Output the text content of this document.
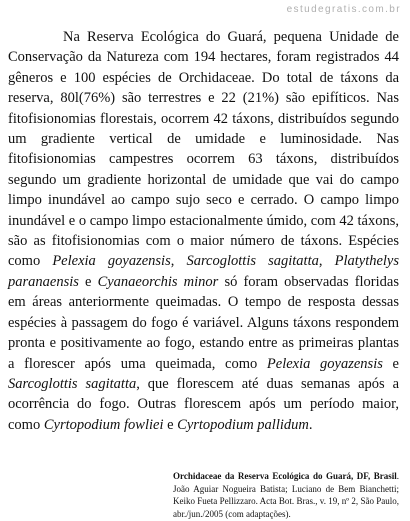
estudegratis.com.br

Na Reserva Ecológica do Guará, pequena Unidade de Conservação da Natureza com 194 hectares, foram registrados 44 gêneros e 100 espécies de Orchidaceae. Do total de táxons da reserva, 80l(76%) são terrestres e 22 (21%) são epifíticos. Nas fitofisionomias florestais, ocorrem 42 táxons, distribuídos segundo um gradiente vertical de umidade e luminosidade. Nas fitofisionomias campestres ocorrem 63 táxons, distribuídos segundo um gradiente horizontal de umidade que vai do campo limpo inundável ao campo sujo seco e cerrado. O campo limpo inundável e o campo limpo estacionalmente úmido, com 42 táxons, são as fitofisionomias com o maior número de táxons. Espécies como Pelexia goyazensis, Sarcoglottis sagitatta, Platythelys paranaensis e Cyanaeorchis minor só foram observadas floridas em áreas anteriormente queimadas. O tempo de resposta dessas espécies à passagem do fogo é variável. Alguns táxons respondem pronta e positivamente ao fogo, estando entre as primeiras plantas a florescer após uma queimada, como Pelexia goyazensis e Sarcoglottis sagitatta, que florescem até duas semanas após a ocorrência do fogo. Outras florescem após um período maior, como Cyrtopodium fowliei e Cyrtopodium pallidum.

Orchidaceae da Reserva Ecológica do Guará, DF, Brasil. João Aguiar Nogueira Batista; Luciano de Bem Bianchetti; Keiko Fueta Pellizzaro. Acta Bot. Bras., v. 19, nº 2, São Paulo, abr./jun./2005 (com adaptações).
